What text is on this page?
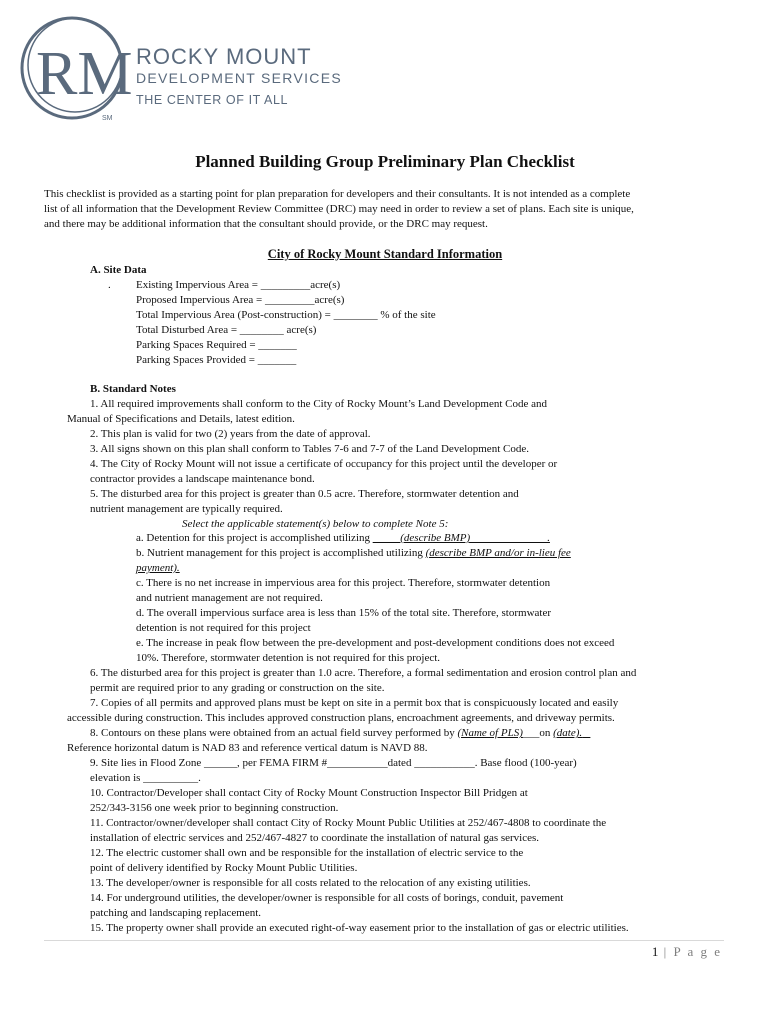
RM
SM
ROCKY MOUNT
DEVELOPMENT SERVICES
THE CENTER OF IT ALL
Planned Building Group Preliminary Plan Checklist
This checklist is provided as a starting point for plan preparation for developers and their consultants. It is not intended as a complete
list of all information that the Development Review Committee (DRC) may need in order to review a set of plans. Each site is unique,
and there may be additional information that the consultant should provide, or the DRC may request.
City of Rocky Mount Standard Information
A. Site Data
. Existing Impervious Area = _________acre(s)
Proposed Impervious Area = _________acre(s)
Total Impervious Area (Post-construction) = ________ % of the site
Total Disturbed Area = ________ acre(s)
Parking Spaces Required = _______
Parking Spaces Provided = _______
B. Standard Notes
1. All required improvements shall conform to the City of Rocky Mount’s Land Development Code and
Manual of Specifications and Details, latest edition.
2. This plan is valid for two (2) years from the date of approval.
3. All signs shown on this plan shall conform to Tables 7-6 and 7-7 of the Land Development Code.
4. The City of Rocky Mount will not issue a certificate of occupancy for this project until the developer or
contractor provides a landscape maintenance bond.
5. The disturbed area for this project is greater than 0.5 acre. Therefore, stormwater detention and
nutrient management are typically required.
Select the applicable statement(s) below to complete Note 5:
a. Detention for this project is accomplished utilizing _____(describe BMP)______________.
b. Nutrient management for this project is accomplished utilizing (describe BMP and/or in-lieu fee
payment).
c. There is no net increase in impervious area for this project. Therefore, stormwater detention
and nutrient management are not required.
d. The overall impervious surface area is less than 15% of the total site. Therefore, stormwater
detention is not required for this project
e. The increase in peak flow between the pre-development and post-development conditions does not exceed
10%. Therefore, stormwater detention is not required for this project.
6. The disturbed area for this project is greater than 1.0 acre. Therefore, a formal sedimentation and erosion control plan and
permit are required prior to any grading or construction on the site.
7. Copies of all permits and approved plans must be kept on site in a permit box that is conspicuously located and easily
accessible during construction. This includes approved construction plans, encroachment agreements, and driveway permits.
8. Contours on these plans were obtained from an actual field survey performed by (Name of PLS)___on (date).
Reference horizontal datum is NAD 83 and reference vertical datum is NAVD 88.
9. Site lies in Flood Zone ______, per FEMA FIRM #___________dated ___________. Base flood (100-year)
elevation is __________.
10. Contractor/Developer shall contact City of Rocky Mount Construction Inspector Bill Pridgen at
252/343-3156 one week prior to beginning construction.
11. Contractor/owner/developer shall contact City of Rocky Mount Public Utilities at 252/467-4808 to coordinate the
installation of electric services and 252/467-4827 to coordinate the installation of natural gas services.
12. The electric customer shall own and be responsible for the installation of electric service to the
point of delivery identified by Rocky Mount Public Utilities.
13. The developer/owner is responsible for all costs related to the relocation of any existing utilities.
14. For underground utilities, the developer/owner is responsible for all costs of borings, conduit, pavement
patching and landscaping replacement.
15. The property owner shall provide an executed right-of-way easement prior to the installation of gas or electric utilities.
1 | P a g e
